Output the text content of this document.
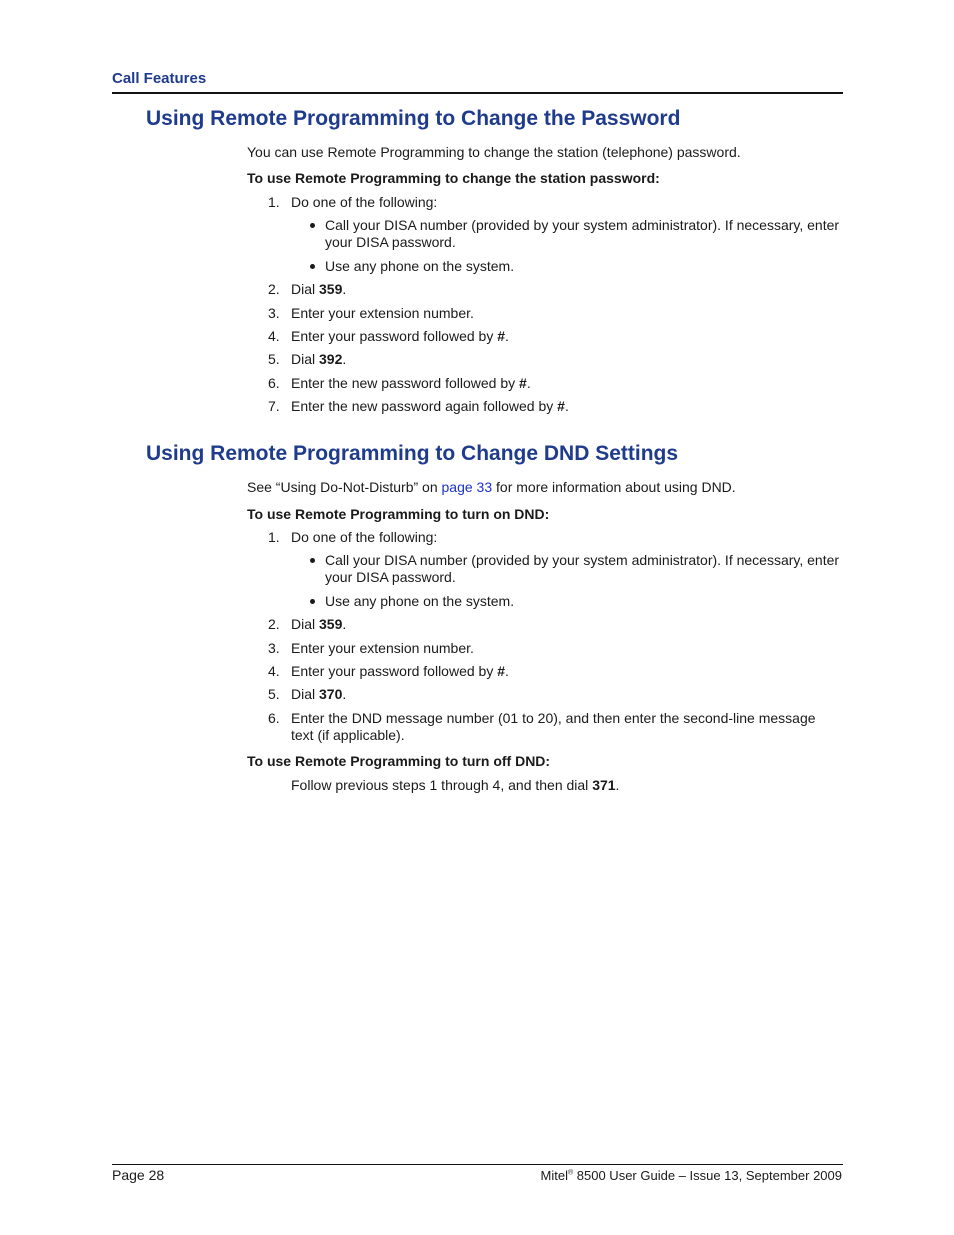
Call Features
Using Remote Programming to Change the Password

You can use Remote Programming to change the station (telephone) password.

To use Remote Programming to change the station password:

1. Do one of the following:
Call your DISA number (provided by your system administrator). If necessary, enter
your DISA password.
Use any phone on the system.
2. Dial 359.
3. Enter your extension number.
4. Enter your password followed by #.
5. Dial 392.
6. Enter the new password followed by #.
7. Enter the new password again followed by #.
Using Remote Programming to Change DND Settings

See “Using Do-Not-Disturb” on page 33 for more information about using DND.

To use Remote Programming to turn on DND:

1. Do one of the following:
Call your DISA number (provided by your system administrator). If necessary, enter
your DISA password.
Use any phone on the system.
2. Dial 359.
3. Enter your extension number.
4. Enter your password followed by #.
5. Dial 370.
6. Enter the DND message number (01 to 20), and then enter the second-line message
text (if applicable).

To use Remote Programming to turn off DND:

Follow previous steps 1 through 4, and then dial 371.

Page 28	Mitel® 8500 User Guide – Issue 13, September 2009
